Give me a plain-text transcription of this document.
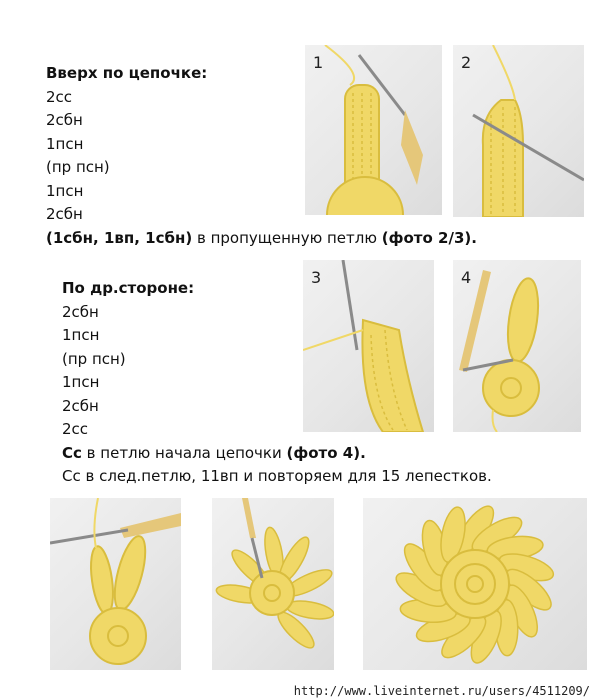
Вверх по цепочке:
2сс
2сбн
1псн
(пр псн)
1псн
2сбн
(1сбн, 1вп, 1сбн) в пропущенную петлю (фото 2/3).
По др.стороне:
2сбн
1псн
(пр псн)
1псн
2сбн
2сс
Сс в петлю начала цепочки (фото 4).
Сс в след.петлю, 11вп и повторяем для 15 лепестков.
1	2
3	4
http://www.liveinternet.ru/users/4511209/
